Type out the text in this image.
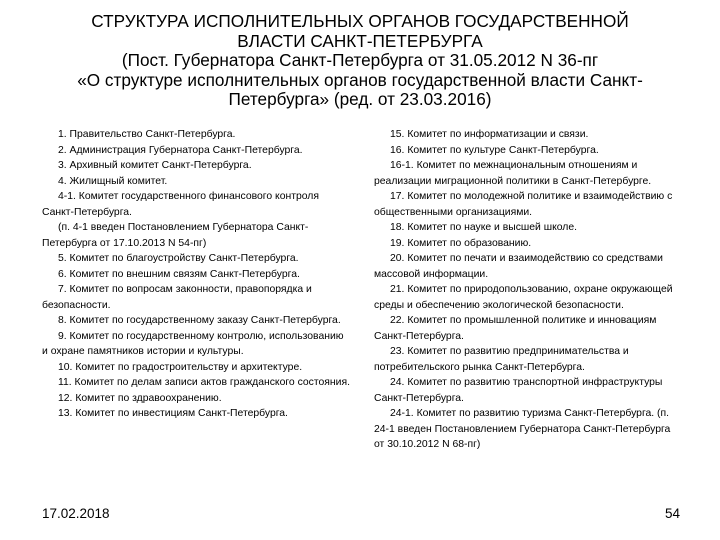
СТРУКТУРА ИСПОЛНИТЕЛЬНЫХ ОРГАНОВ ГОСУДАРСТВЕННОЙ
ВЛАСТИ САНКТ-ПЕТЕРБУРГА
(Пост. Губернатора Санкт-Петербурга от 31.05.2012 N 36-пг
«О структуре исполнительных органов государственной власти Санкт-
Петербурга» (ред. от 23.03.2016)

1. Правительство Санкт-Петербурга.

2. Администрация Губернатора Санкт-Петербурга.

3. Архивный комитет Санкт-Петербурга.

4. Жилищный комитет.

4-1. Комитет государственного финансового контроля Санкт-Петербурга.

(п. 4-1 введен Постановлением Губернатора Санкт-Петербурга от 17.10.2013 N 54-пг)

5. Комитет по благоустройству Санкт-Петербурга.

6. Комитет по внешним связям Санкт-Петербурга.

7. Комитет по вопросам законности, правопорядка и безопасности.

8. Комитет по государственному заказу Санкт-Петербурга.

9. Комитет по государственному контролю, использованию и охране памятников истории и культуры.

10. Комитет по градостроительству и архитектуре.

11. Комитет по делам записи актов гражданского состояния.

12. Комитет по здравоохранению.

13. Комитет по инвестициям Санкт-Петербурга.

15. Комитет по информатизации и связи.

16. Комитет по культуре Санкт-Петербурга.

16-1. Комитет по межнациональным отношениям и реализации миграционной политики в Санкт-Петербурге.

17. Комитет по молодежной политике и взаимодействию с общественными организациями.

18. Комитет по науке и высшей школе.

19. Комитет по образованию.

20. Комитет по печати и взаимодействию со средствами массовой информации.

21. Комитет по природопользованию, охране окружающей среды и обеспечению экологической безопасности.

22. Комитет по промышленной политике и инновациям Санкт-Петербурга.

23. Комитет по развитию предпринимательства и потребительского рынка Санкт-Петербурга.

24. Комитет по развитию транспортной инфраструктуры Санкт-Петербурга.

24-1. Комитет по развитию туризма Санкт-Петербурга. (п. 24-1 введен Постановлением Губернатора Санкт-Петербурга от 30.10.2012 N 68-пг)

17.02.2018	54
